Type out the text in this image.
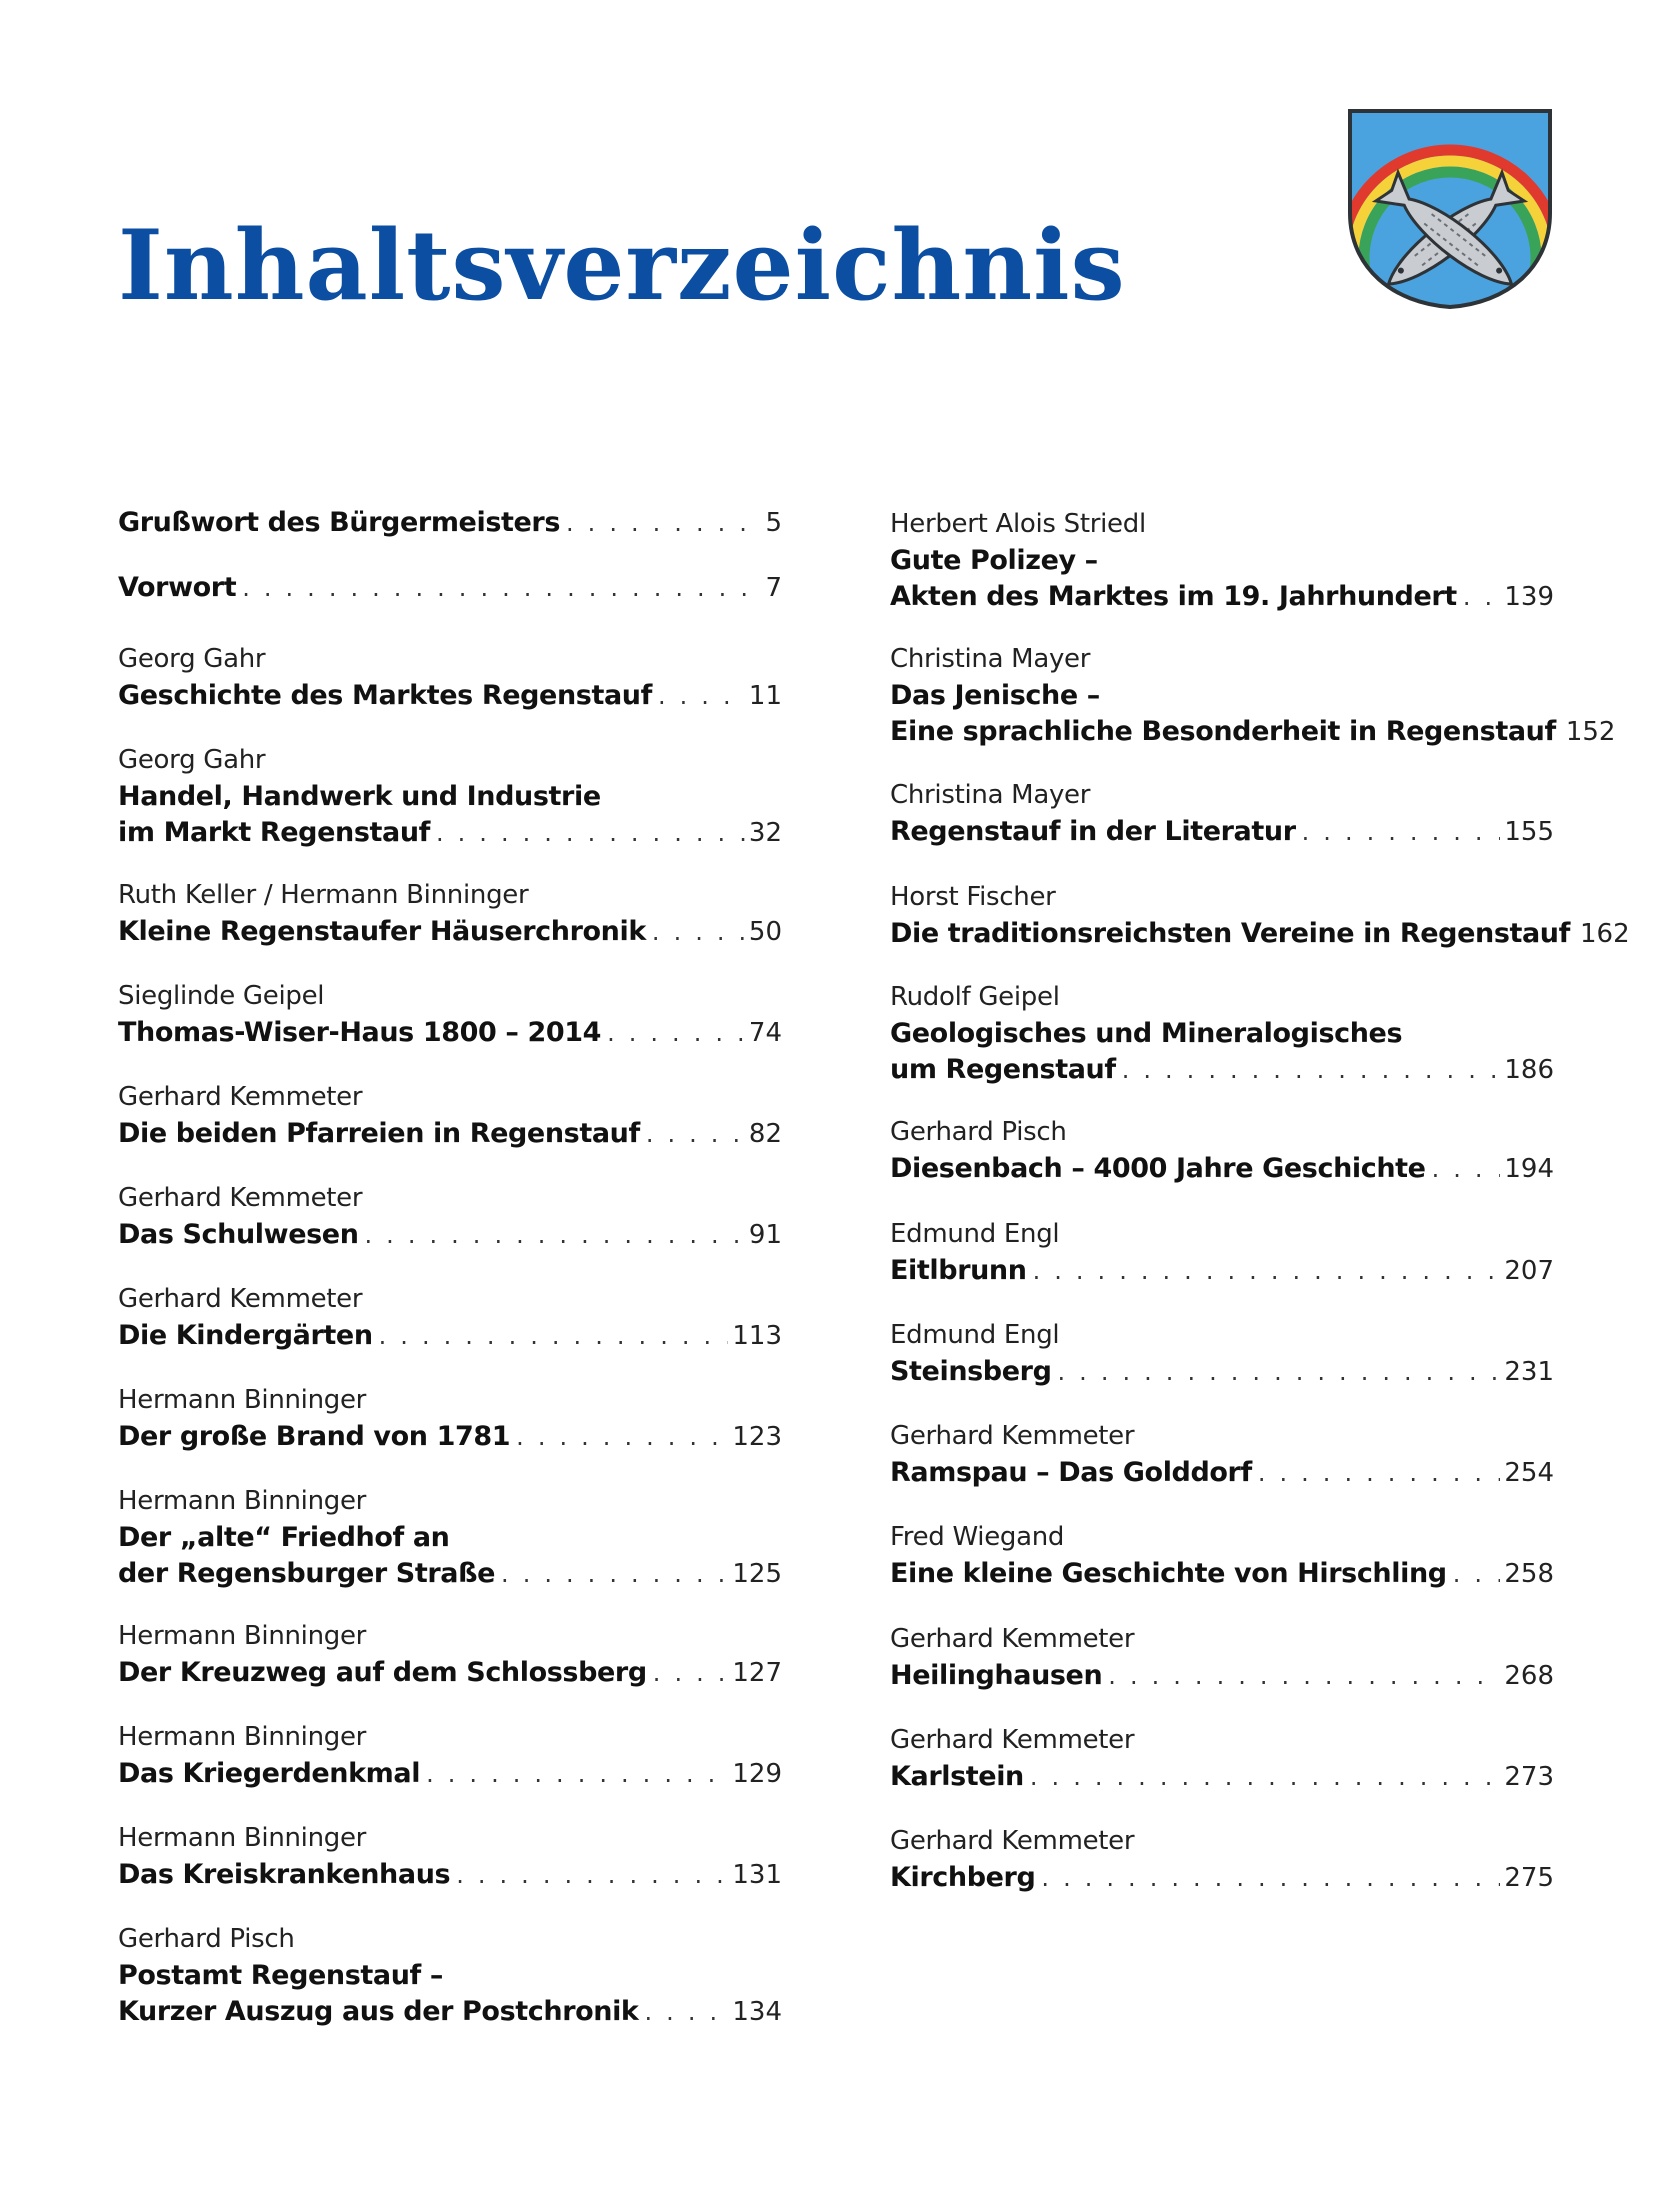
Inhaltsverzeichnis
Grußwort des Bürgermeisters . . .	5
Vorwort . . .	7
Georg Gahr
Geschichte des Marktes Regenstauf . . .	11
Georg Gahr
Handel, Handwerk und Industrie
im Markt Regenstauf . . .	32
Ruth Keller / Hermann Binninger
Kleine Regenstaufer Häuserchronik . . .	50
Sieglinde Geipel
Thomas-Wiser-Haus 1800 – 2014 . . .	74
Gerhard Kemmeter
Die beiden Pfarreien in Regenstauf . . .	82
Gerhard Kemmeter
Das Schulwesen . . .	91
Gerhard Kemmeter
Die Kindergärten . . .	113
Hermann Binninger
Der große Brand von 1781 . . .	123
Hermann Binninger
Der „alte“ Friedhof an
der Regensburger Straße . . .	125
Hermann Binninger
Der Kreuzweg auf dem Schlossberg . . .	127
Hermann Binninger
Das Kriegerdenkmal . . .	129
Hermann Binninger
Das Kreiskrankenhaus . . .	131
Gerhard Pisch
Postamt Regenstauf –
Kurzer Auszug aus der Postchronik . . .	134
Herbert Alois Striedl
Gute Polizey –
Akten des Marktes im 19. Jahrhundert . . . 139
Christina Mayer
Das Jenische –
Eine sprachliche Besonderheit in Regenstauf 152
Christina Mayer
Regenstauf in der Literatur . . .	155
Horst Fischer
Die traditionsreichsten Vereine in Regenstauf 162
Rudolf Geipel
Geologisches und Mineralogisches
um Regenstauf . . .	186
Gerhard Pisch
Diesenbach – 4000 Jahre Geschichte . . .	194
Edmund Engl
Eitlbrunn . . .	207
Edmund Engl
Steinsberg . . .	231
Gerhard Kemmeter
Ramspau – Das Golddorf . . .	254
Fred Wiegand
Eine kleine Geschichte von Hirschling . . . 258
Gerhard Kemmeter
Heilinghausen . . .	268
Gerhard Kemmeter
Karlstein . . .	273
Gerhard Kemmeter
Kirchberg . . .	275
